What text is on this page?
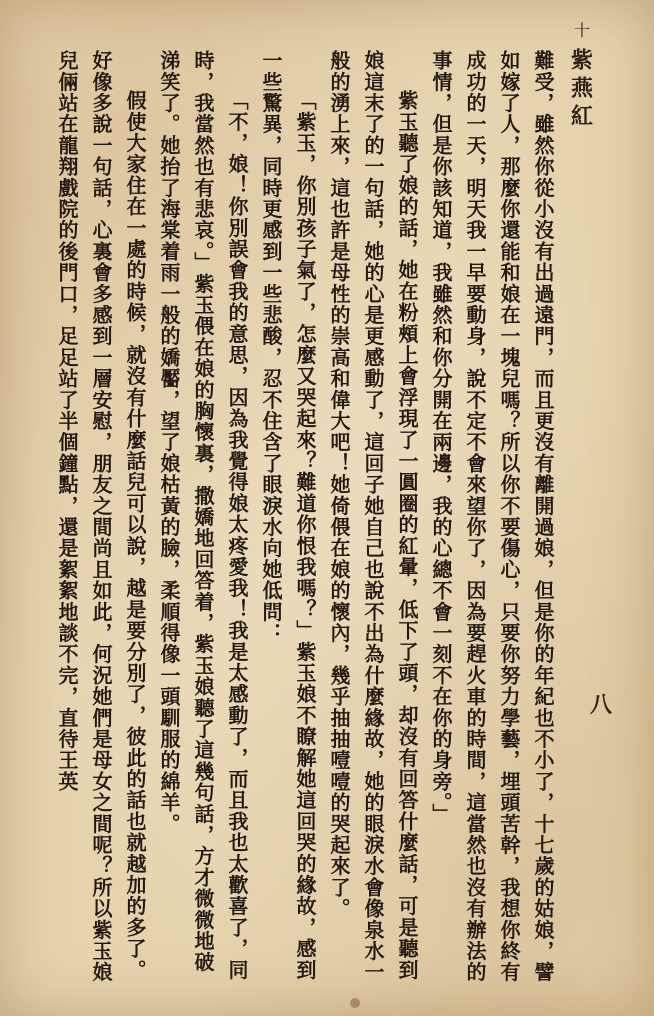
十
紫燕紅
八

難受，雖然你從小沒有出過遠門，而且更沒有離開過娘，但是你的年紀也不小了，十七歲的姑娘，譬如嫁了人，那麼你還能和娘在一塊兒嗎？所以你不要傷心，只要你努力學藝，埋頭苦幹，我想你終有成功的一天，明天我一早要動身，說不定不會來望你了，因為要趕火車的時間，這當然也沒有辦法的事情，但是你該知道，我雖然和你分開在兩邊，我的心總不會一刻不在你的身旁。」

紫玉聽了娘的話，她在粉頰上會浮現了一圓圈的紅暈，低下了頭，却沒有回答什麼話，可是聽到娘這末了的一句話，她的心是更感動了，這回子她自己也說不出為什麼緣故，她的眼淚水會像泉水一般的湧上來，這也許是母性的崇高和偉大吧！她倚偎在娘的懷內，幾乎抽抽噎噎的哭起來了。

「紫玉，你別孩子氣了，怎麼又哭起來？難道你恨我嗎？」紫玉娘不瞭解她這回哭的緣故，感到一些驚異，同時更感到一些悲酸，忍不住含了眼淚水向她低問：

「不，娘！你別誤會我的意思，因為我覺得娘太疼愛我！我是太感動了，而且我也太歡喜了，同時，我當然也有悲哀。」紫玉偎在娘的胸懷裏，撒嬌地回答着，紫玉娘聽了這幾句話，方才微微地破涕笑了。她抬了海棠着雨一般的嬌靨，望了娘枯黃的臉，柔順得像一頭馴服的綿羊。

假使大家住在一處的時候，就沒有什麼話兒可以說，越是要分別了，彼此的話也就越加的多了。好像多說一句話，心裏會多感到一層安慰，朋友之間尚且如此，何況她們是母女之間呢？所以紫玉娘兒倆站在龍翔戲院的後門口，足足站了半個鐘點，還是絮絮地談不完，直待王英
